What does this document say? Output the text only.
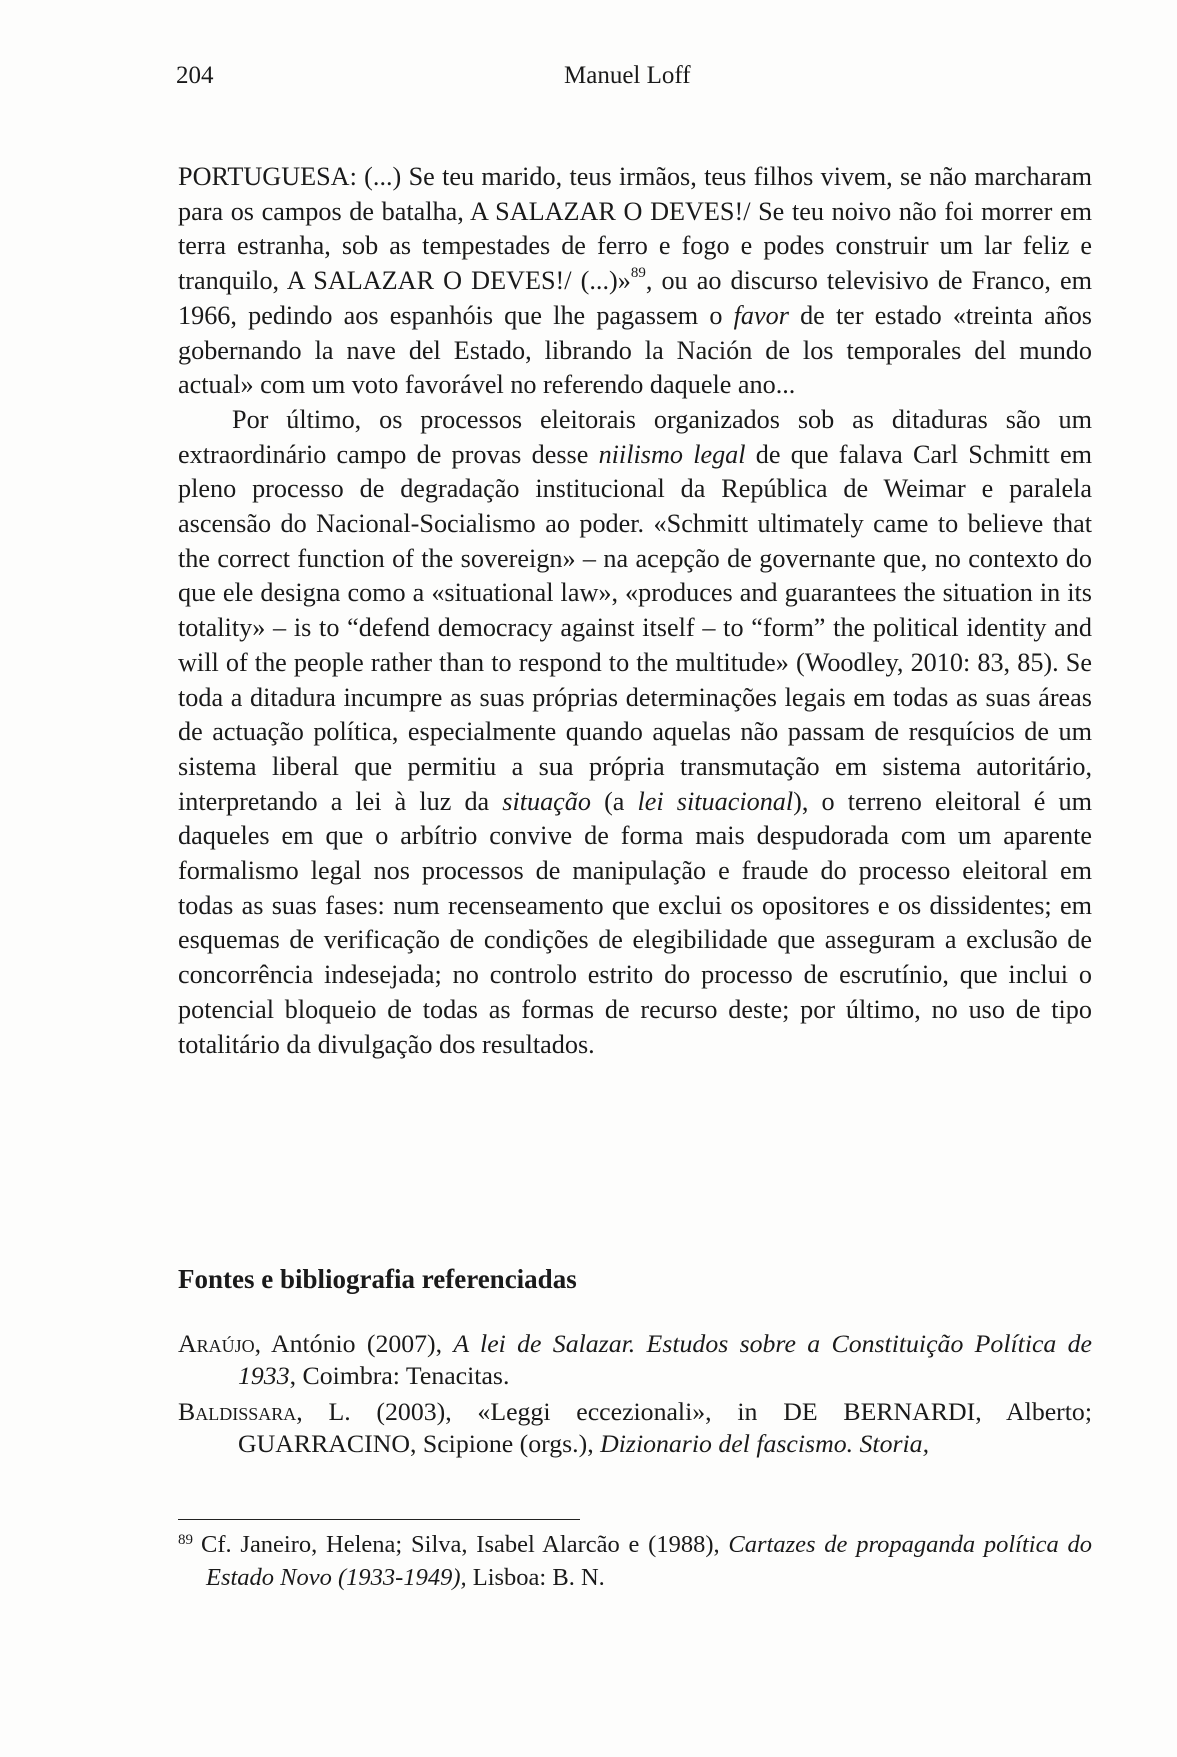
204	Manuel Loff

PORTUGUESA: (...) Se teu marido, teus irmãos, teus filhos vivem, se não marcharam para os campos de batalha, A SALAZAR O DEVES!/ Se teu noivo não foi morrer em terra estranha, sob as tempestades de ferro e fogo e podes construir um lar feliz e tranquilo, A SALAZAR O DEVES!/ (...)»$^{89}$, ou ao discurso televisivo de Franco, em 1966, pedindo aos espanhóis que lhe pagassem o favor de ter estado «treinta años gobernando la nave del Estado, librando la Nación de los temporales del mundo actual» com um voto favorável no referendo daquele ano...

Por último, os processos eleitorais organizados sob as ditaduras são um extraordinário campo de provas desse niilismo legal de que falava Carl Schmitt em pleno processo de degradação institucional da República de Weimar e paralela ascensão do Nacional-Socialismo ao poder. «Schmitt ultimately came to believe that the correct function of the sovereign» – na acepção de governante que, no contexto do que ele designa como a «situational law», «produces and guarantees the situation in its totality» – is to “defend democracy against itself – to “form” the political identity and will of the people rather than to respond to the multitude» (Woodley, 2010: 83, 85). Se toda a ditadura incumpre as suas próprias determinações legais em todas as suas áreas de actuação política, especialmente quando aquelas não passam de resquícios de um sistema liberal que permitiu a sua própria transmutação em sistema autoritário, interpretando a lei à luz da situação (a lei situacional), o terreno eleitoral é um daqueles em que o arbítrio convive de forma mais despudorada com um aparente formalismo legal nos processos de manipulação e fraude do processo eleitoral em todas as suas fases: num recenseamento que exclui os opositores e os dissidentes; em esquemas de verificação de condições de elegibilidade que asseguram a exclusão de concorrência indesejada; no controlo estrito do processo de escrutínio, que inclui o potencial bloqueio de todas as formas de recurso deste; por último, no uso de tipo totalitário da divulgação dos resultados.

Fontes e bibliografia referenciadas

Araújo, António (2007), A lei de Salazar. Estudos sobre a Constituição Política de 1933, Coimbra: Tenacitas.

Baldissara, L. (2003), «Leggi eccezionali», in DE BERNARDI, Alberto; GUARRACINO, Scipione (orgs.), Dizionario del fascismo. Storia,

$^{89}$ Cf. Janeiro, Helena; Silva, Isabel Alarcão e (1988), Cartazes de propaganda política do Estado Novo (1933-1949), Lisboa: B. N.
